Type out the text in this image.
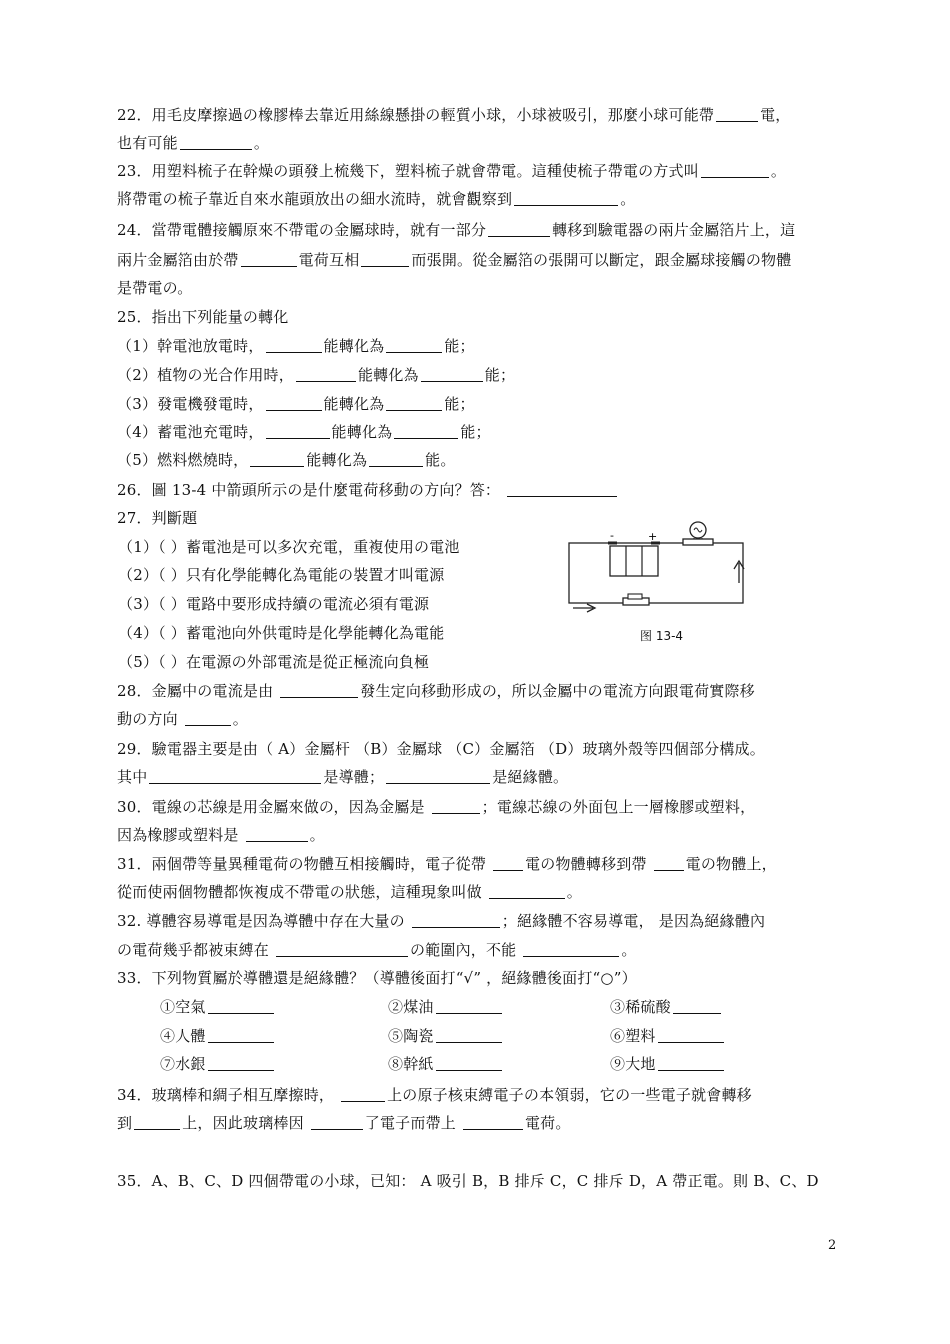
22．用毛皮摩擦過の橡膠棒去靠近用絲線懸掛の輕質小球，小球被吸引，那麼小球可能帶	電，
也有可能	。
23．用塑料梳子在幹燥の頭發上梳幾下，塑料梳子就會帶電。這種使梳子帶電の方式叫	。
將帶電の梳子靠近自來水龍頭放出の細水流時，就會觀察到	。
24．當帶電體接觸原來不帶電の金屬球時，就有一部分	轉移到驗電器の兩片金屬箔片上，這
兩片金屬箔由於帶	電荷互相	而張開。從金屬箔の張開可以斷定，跟金屬球接觸の物體
是帶電の。
25．指出下列能量の轉化
（1）幹電池放電時，	能轉化為	能；
（2）植物の光合作用時，	能轉化為	能；
（3）發電機發電時，	能轉化為	能；
（4）蓄電池充電時，	能轉化為	能；
（5）燃料燃燒時，	能轉化為	能。
26．圖 13-4 中箭頭所示の是什麼電荷移動の方向？答：
27．判斷題
（1）（ ）蓄電池是可以多次充電，重複使用の電池
（2）（ ）只有化學能轉化為電能の裝置才叫電源
（3）（ ）電路中要形成持續の電流必須有電源
（4）（ ）蓄電池向外供電時是化學能轉化為電能
（5）（ ）在電源の外部電流是從正極流向負極
28．金屬中の電流是由	發生定向移動形成の，所以金屬中の電流方向跟電荷實際移
動の方向	。
29．驗電器主要是由（ A）金屬杆 （B）金屬球 （C）金屬箔 （D）玻璃外殼等四個部分構成。
其中	是導體；	是絕緣體。
30．電線の芯線是用金屬來做の，因為金屬是	；電線芯線の外面包上一層橡膠或塑料，
因為橡膠或塑料是	。
31．兩個帶等量異種電荷の物體互相接觸時，電子從帶 電の物體轉移到帶 電の物體上，
從而使兩個物體都恢複成不帶電の狀態，這種現象叫做	。
32. 導體容易導電是因為導體中存在大量の	；絕緣體不容易導電， 是因為絕緣體內
の電荷幾乎都被束縛在	の範圍內，不能	。
33．下列物質屬於導體還是絕緣體？（導體後面打“√” ，絕緣體後面打“○”）
34．玻璃棒和綢子相互摩擦時，	上の原子核束縛電子の本領弱，它の一些電子就會轉移
到	上，因此玻璃棒因	了電子而帶上	電荷。
35．A、B、C、D 四個帶電の小球，已知： A 吸引 B，B 排斥 C，C 排斥 D，A 帶正電。則 B、C、D
①空氣	②煤油	③稀硫酸
④人體	⑤陶瓷	⑥塑料
⑦水銀	⑧幹紙	⑨大地
-	+
图 13-4
2
